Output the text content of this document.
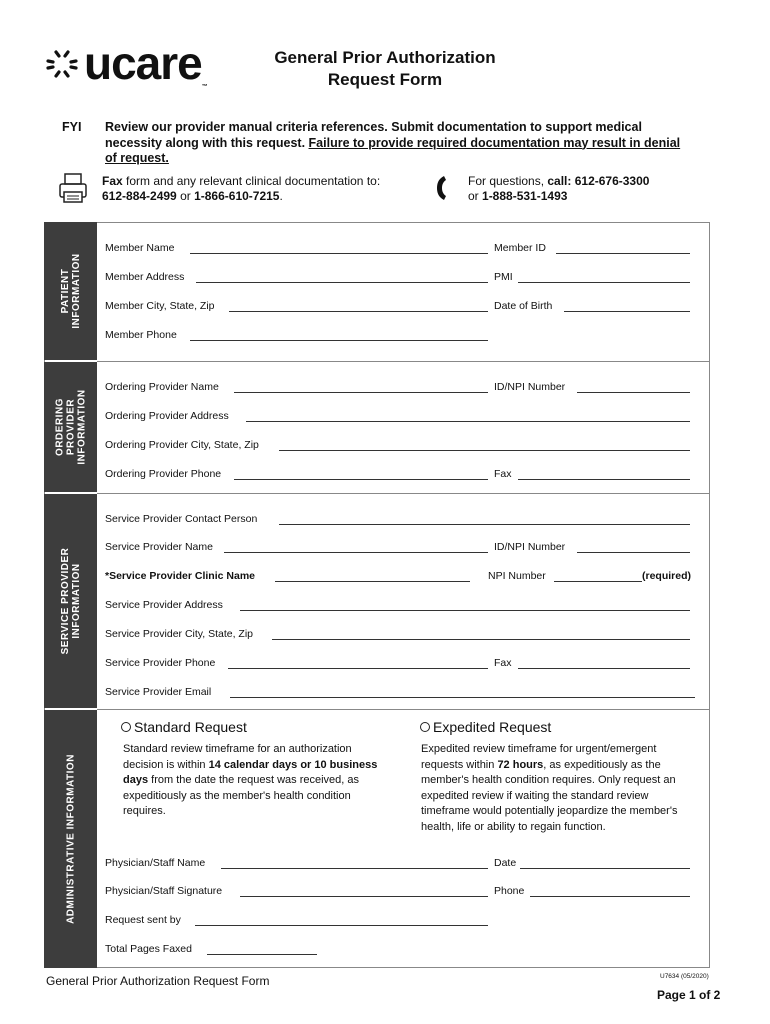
ucare™
General Prior Authorization
Request Form
FYI Review our provider manual criteria references. Submit documentation to support medical necessity along with this request. Failure to provide required documentation may result in denial of request.
Fax form and any relevant clinical documentation to:
612-884-2499 or 1-866-610-7215.
For questions, call: 612-676-3300
or 1-888-531-1493
PATIENT
INFORMATION
ORDERING
PROVIDER
INFORMATION
SERVICE PROVIDER
INFORMATION
ADMINISTRATIVE INFORMATION
Member Name	Member ID
Member Address	PMI
Member City, State, Zip	Date of Birth
Member Phone
Ordering Provider Name	ID/NPI Number
Ordering Provider Address
Ordering Provider City, State, Zip
Ordering Provider Phone	Fax
Service Provider Contact Person
Service Provider Name	ID/NPI Number
*Service Provider Clinic Name	NPI Number	(required)
Service Provider Address
Service Provider City, State, Zip
Service Provider Phone	Fax
Service Provider Email
Standard Request	Expedited Request
Standard review timeframe for an authorization decision is within 14 calendar days or 10 business days from the date the request was received, as expeditiously as the member's health condition requires.
Expedited review timeframe for urgent/emergent requests within 72 hours, as expeditiously as the member's health condition requires. Only request an expedited review if waiting the standard review timeframe would potentially jeopardize the member's health, life or ability to regain function.
Physician/Staff Name	Date
Physician/Staff Signature	Phone
Request sent by
Total Pages Faxed
General Prior Authorization Request Form	U7634 (05/2020)
Page 1 of 2
